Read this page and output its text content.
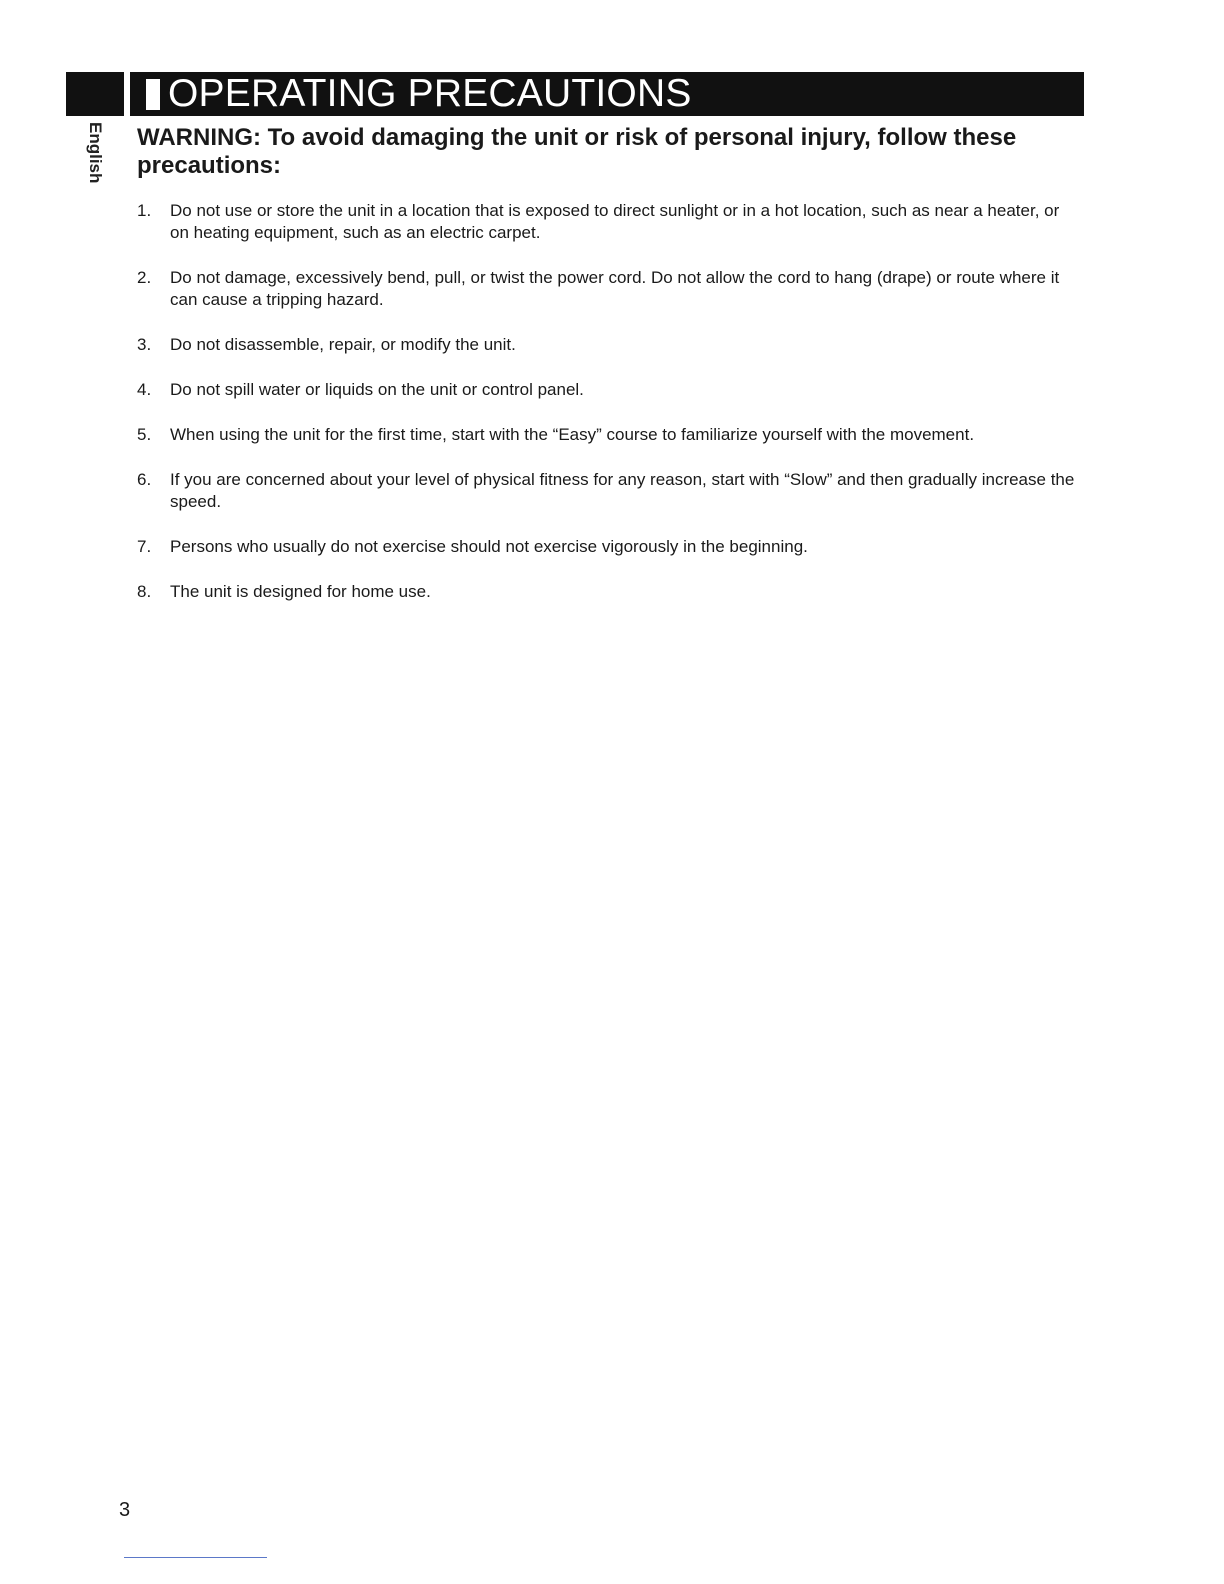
OPERATING PRECAUTIONS
English WARNING: To avoid damaging the unit or risk of personal injury, follow these precautions:
1.	Do not use or store the unit in a location that is exposed to direct sunlight or in a hot location, such as near a heater, or on heating equipment, such as an electric carpet.
2.	Do not damage, excessively bend, pull, or twist the power cord. Do not allow the cord to hang (drape) or route where it can cause a tripping hazard.
3.	Do not disassemble, repair, or modify the unit.
4.	Do not spill water or liquids on the unit or control panel.
5.	When using the unit for the first time, start with the “Easy” course to familiarize yourself with the movement.
6.	If you are concerned about your level of physical fitness for any reason, start with “Slow” and then gradually increase the speed.
7.	Persons who usually do not exercise should not exercise vigorously in the beginning.
8.	The unit is designed for home use.
3
